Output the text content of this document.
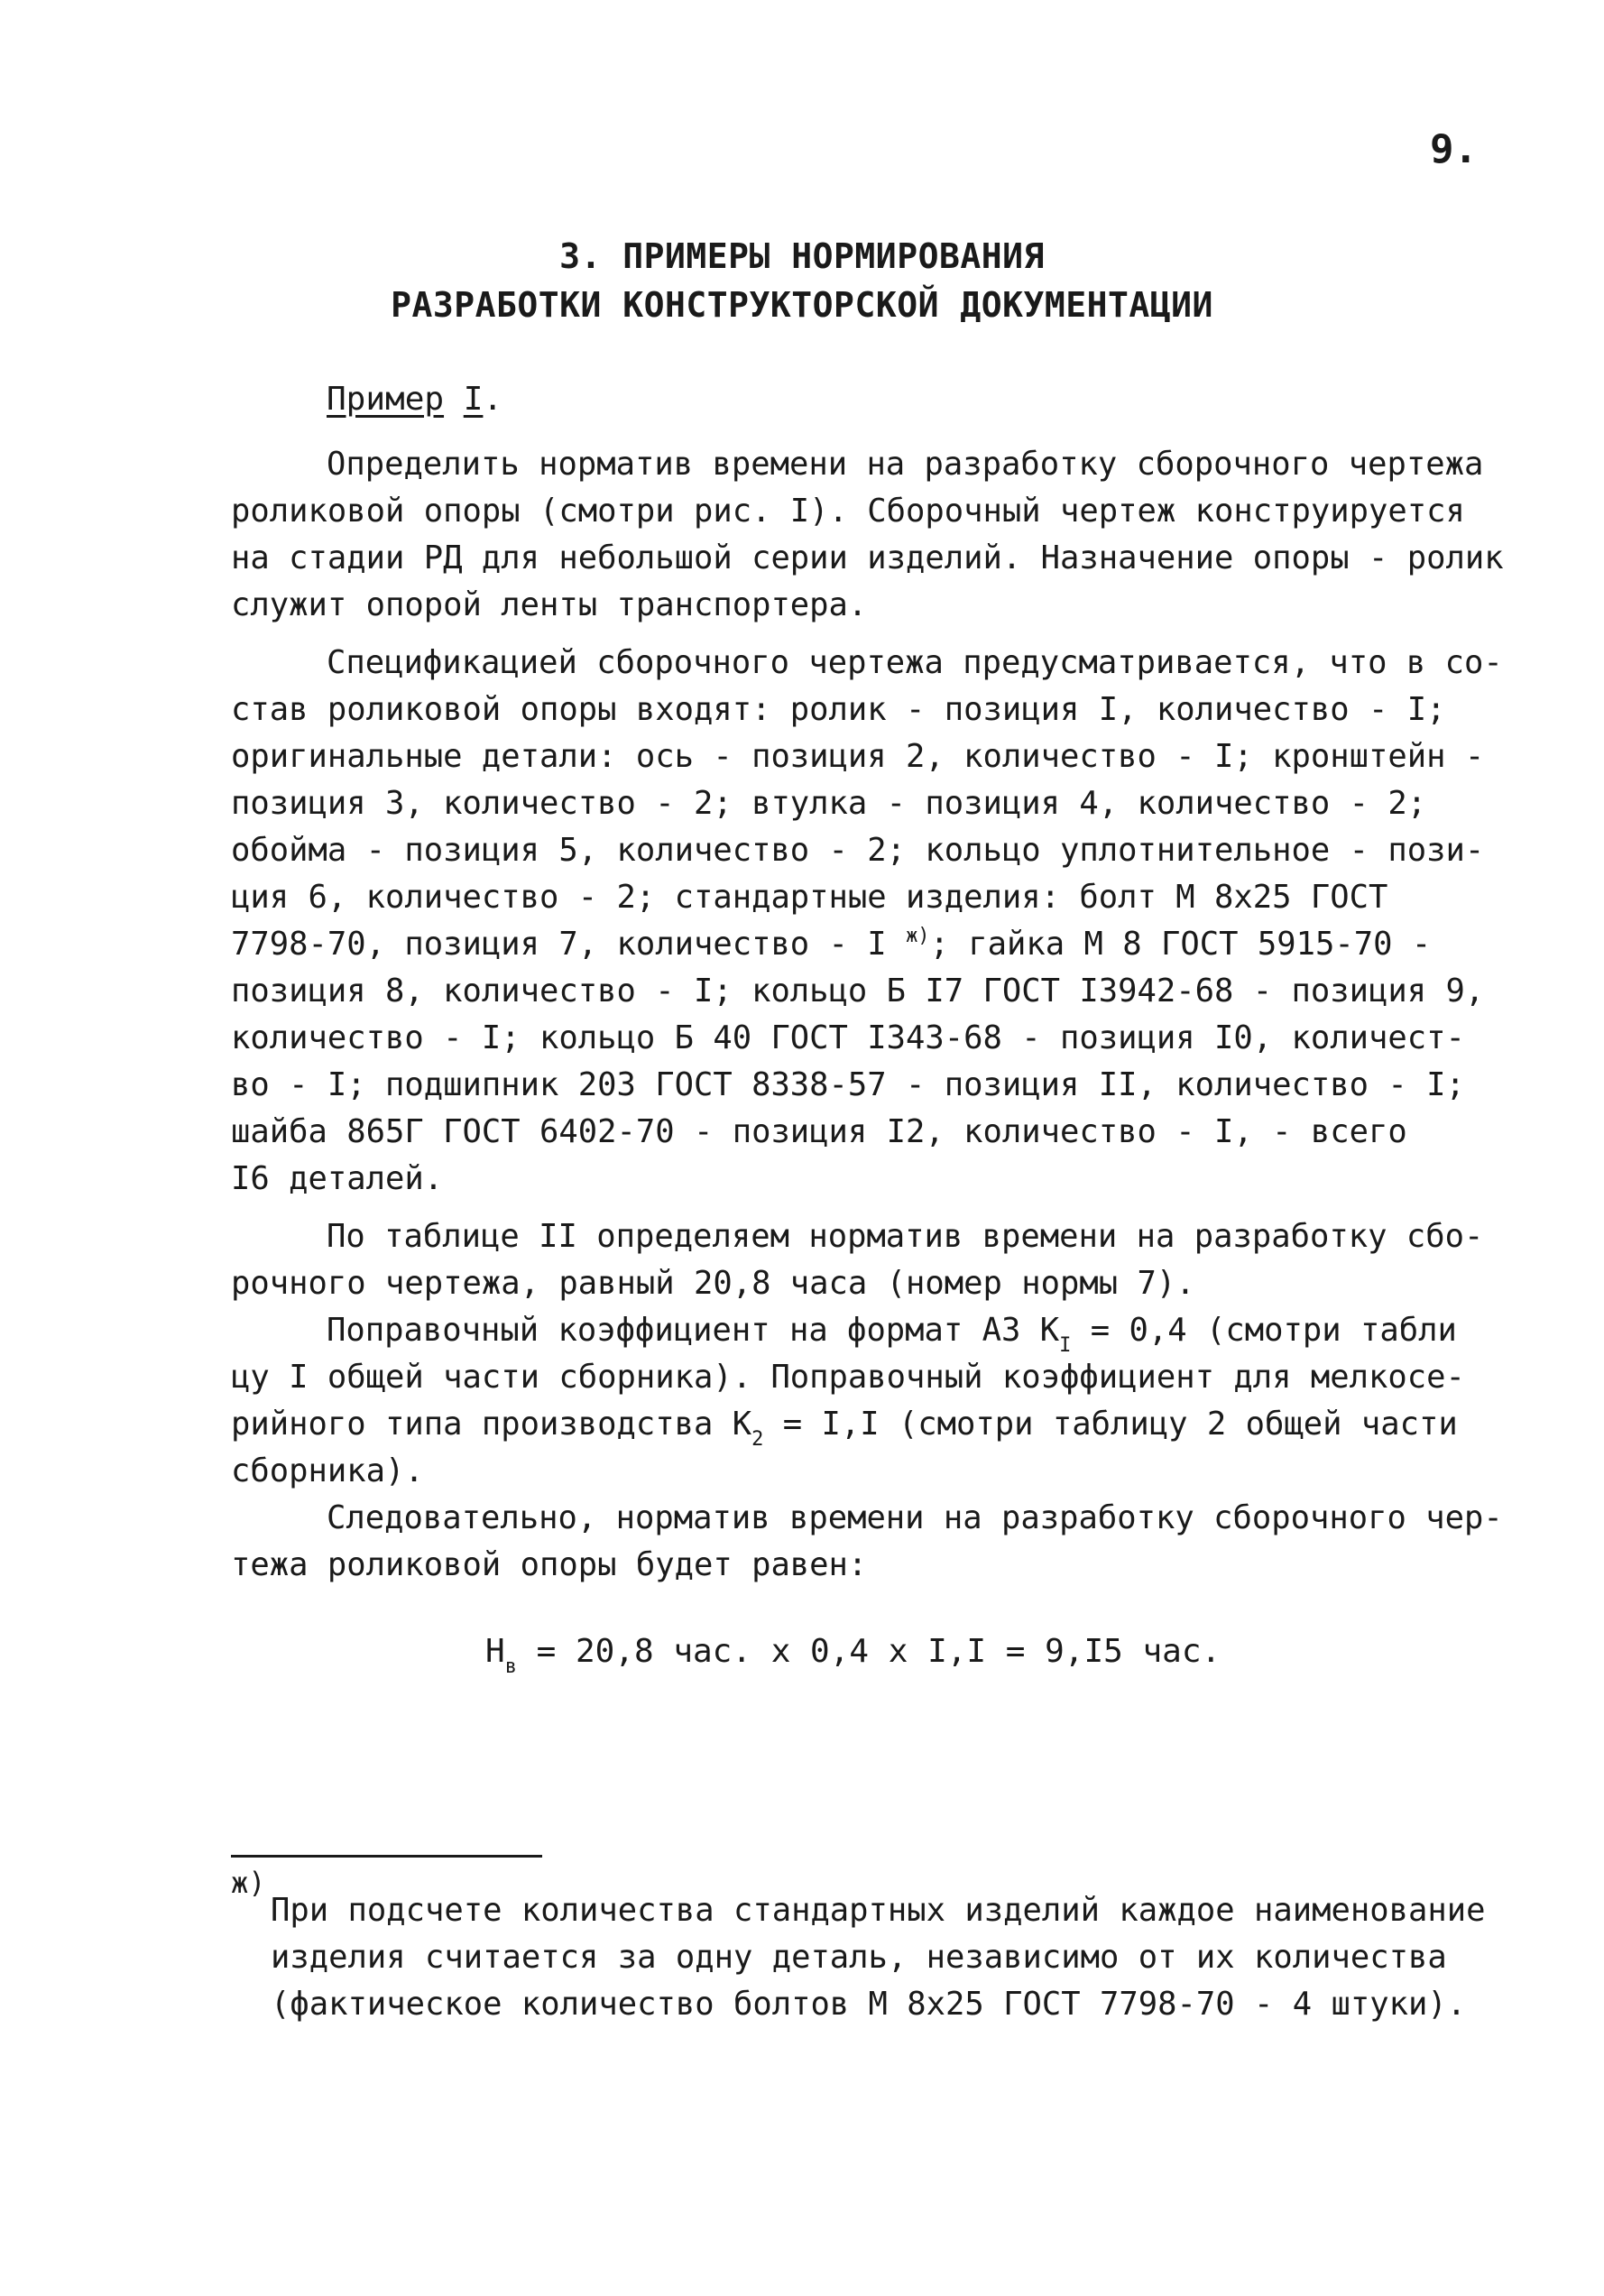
9.
3. ПРИМЕРЫ НОРМИРОВАНИЯ
РАЗРАБОТКИ КОНСТРУКТОРСКОЙ ДОКУМЕНТАЦИИ
Пример I.
Определить норматив времени на разработку сборочного чертежа
роликовой опоры (смотри рис. I). Сборочный чертеж конструируется
на стадии РД для небольшой серии изделий. Назначение опоры - ролик
служит опорой ленты транспортера.
Спецификацией сборочного чертежа предусматривается, что в со-
став роликовой опоры входят: ролик - позиция I, количество - I;
оригинальные детали: ось - позиция 2, количество - I; кронштейн -
позиция 3, количество - 2; втулка - позиция 4, количество - 2;
обойма - позиция 5, количество - 2; кольцо уплотнительное - пози-
ция 6, количество - 2; стандартные изделия: болт М 8х25 ГОСТ
7798-70, позиция 7, количество - I $^{ж)}$; гайка М 8 ГОСТ 5915-70 -
позиция 8, количество - I; кольцо Б I7 ГОСТ I3942-68 - позиция 9,
количество - I; кольцо Б 40 ГОСТ I343-68 - позиция I0, количест-
во - I; подшипник 203 ГОСТ 8338-57 - позиция II, количество - I;
шайба 865Г ГОСТ 6402-70 - позиция I2, количество - I, - всего
I6 деталей.
По таблице II определяем норматив времени на разработку сбо-
рочного чертежа, равный 20,8 часа (номер нормы 7).
Поправочный коэффициент на формат А3 $К_I = 0,4$ (смотри табли
цу I общей части сборника). Поправочный коэффициент для мелкосе-
рийного типа производства $К_2 = I,I$ (смотри таблицу 2 общей части
сборника).
Следовательно, норматив времени на разработку сборочного чер-
тежа роликовой опоры будет равен:
$Н_в = 20,8$ час. х 0,4 х I,I = 9,I5 час.
ж)
При подсчете количества стандартных изделий каждое наименование
изделия считается за одну деталь, независимо от их количества
(фактическое количество болтов М 8х25 ГОСТ 7798-70 - 4 штуки).
